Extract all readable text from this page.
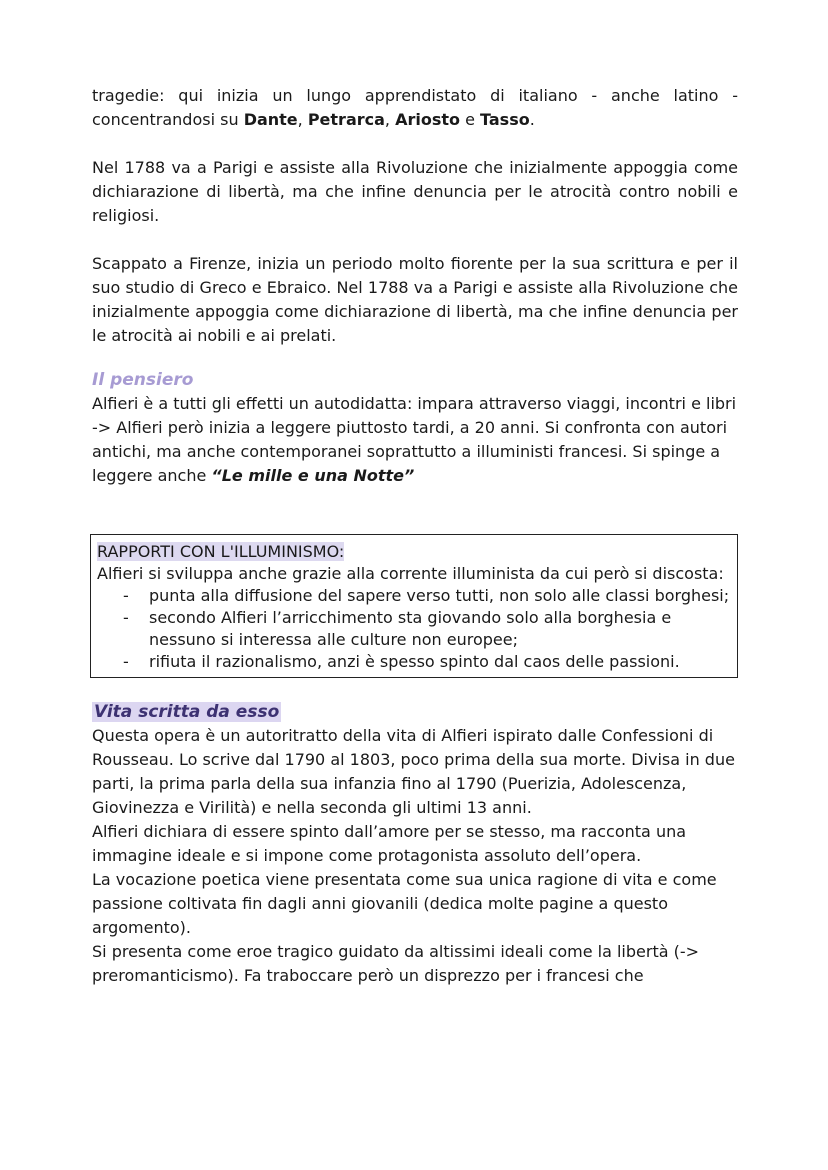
tragedie: qui inizia un lungo apprendistato di italiano - anche latino - concentrandosi su Dante, Petrarca, Ariosto e Tasso.

Nel 1788 va a Parigi e assiste alla Rivoluzione che inizialmente appoggia come dichiarazione di libertà, ma che infine denuncia per le atrocità contro nobili e religiosi.

Scappato a Firenze, inizia un periodo molto fiorente per la sua scrittura e per il suo studio di Greco e Ebraico. Nel 1788 va a Parigi e assiste alla Rivoluzione che inizialmente appoggia come dichiarazione di libertà, ma che infine denuncia per le atrocità ai nobili e ai prelati.

Il pensiero

Alfieri è a tutti gli effetti un autodidatta: impara attraverso viaggi, incontri e libri -> Alfieri però inizia a leggere piuttosto tardi, a 20 anni. Si confronta con autori antichi, ma anche contemporanei soprattutto a illuministi francesi. Si spinge a leggere anche “Le mille e una Notte”

RAPPORTI CON L'ILLUMINISMO:

Alfieri si sviluppa anche grazie alla corrente illuminista da cui però si discosta:

- punta alla diffusione del sapere verso tutti, non solo alle classi borghesi;
- secondo Alfieri l’arricchimento sta giovando solo alla borghesia e nessuno si interessa alle culture non europee;
- rifiuta il razionalismo, anzi è spesso spinto dal caos delle passioni.
Vita scritta da esso

Questa opera è un autoritratto della vita di Alfieri ispirato dalle Confessioni di Rousseau. Lo scrive dal 1790 al 1803, poco prima della sua morte. Divisa in due parti, la prima parla della sua infanzia fino al 1790 (Puerizia, Adolescenza, Giovinezza e Virilità) e nella seconda gli ultimi 13 anni.

Alfieri dichiara di essere spinto dall’amore per se stesso, ma racconta una immagine ideale e si impone come protagonista assoluto dell’opera.

La vocazione poetica viene presentata come sua unica ragione di vita e come passione coltivata fin dagli anni giovanili (dedica molte pagine a questo argomento).

Si presenta come eroe tragico guidato da altissimi ideali come la libertà (-> preromanticismo). Fa traboccare però un disprezzo per i francesi che
